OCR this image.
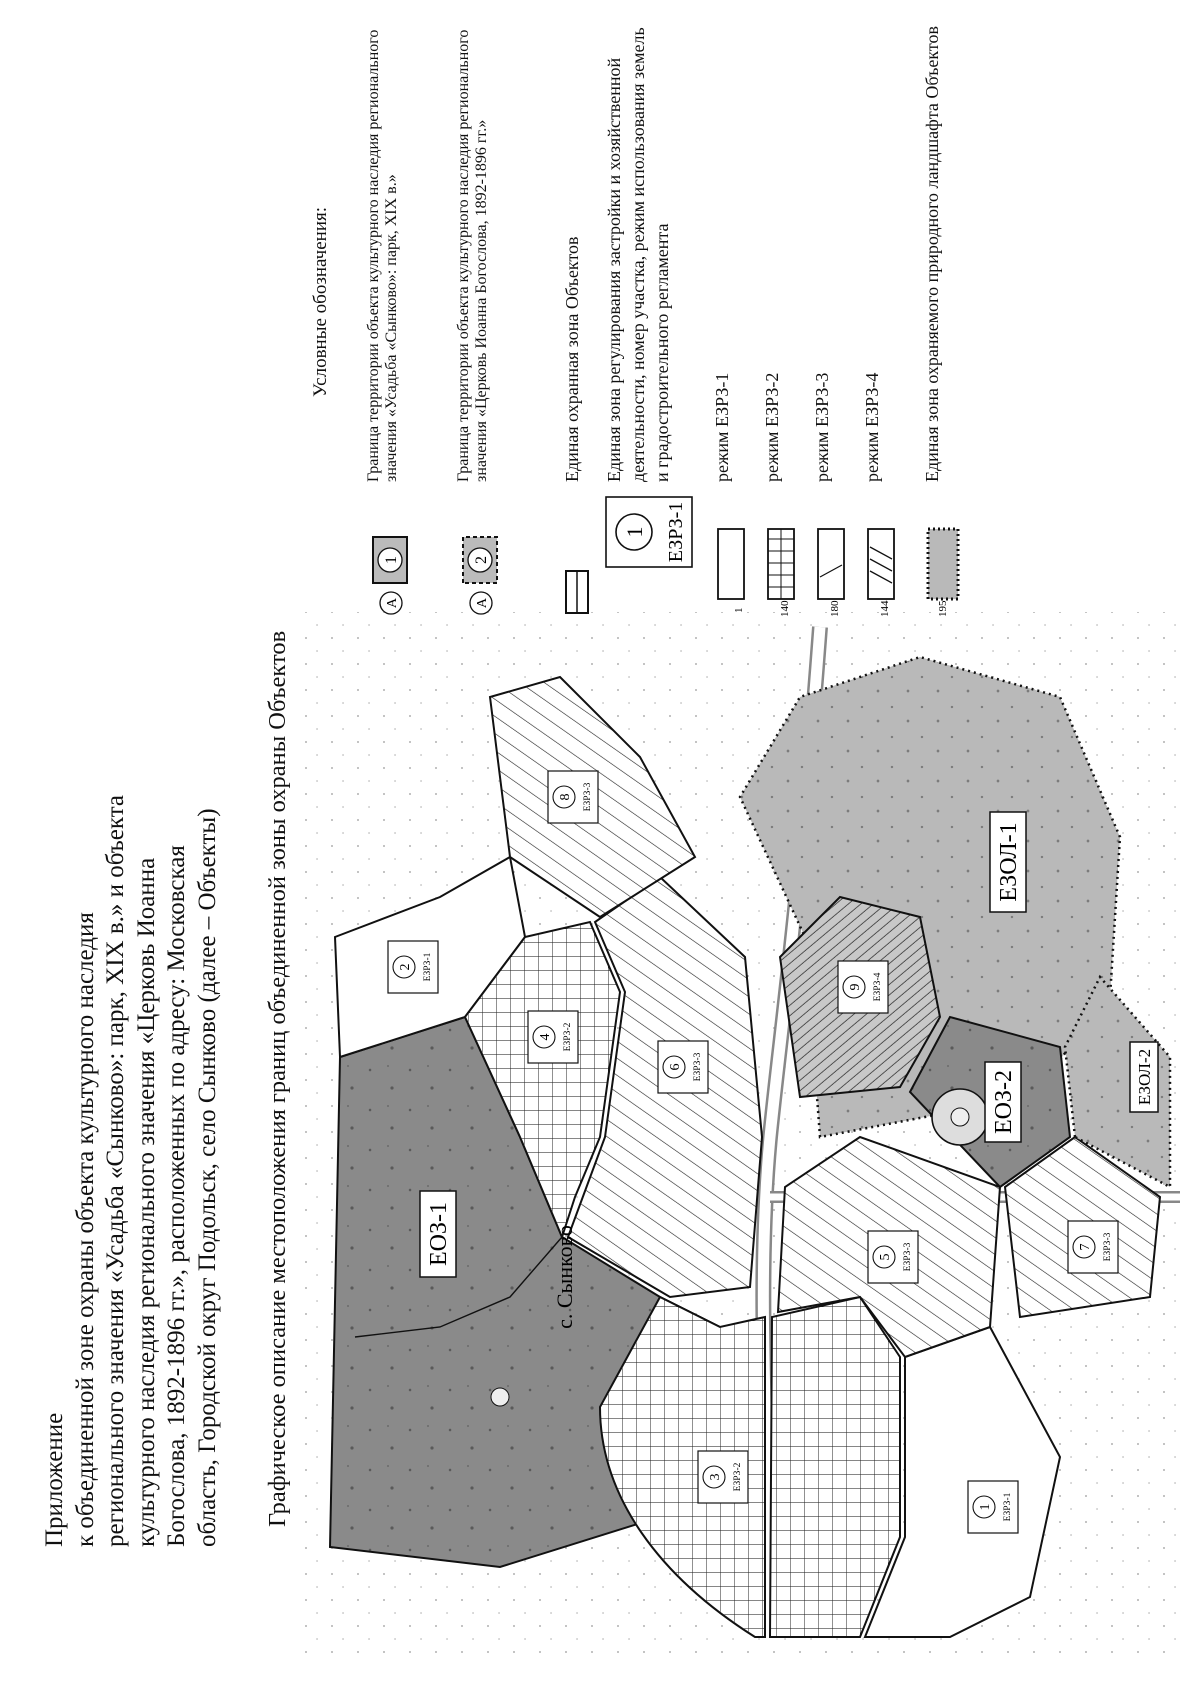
Приложение к объединенной зоне охраны объекта культурного наследия регионального значения «Усадьба «Сынково»: парк, XIX в.» и объекта культурного наследия регионального значения «Церковь Иоанна Богослова, 1892-1896 гг.», расположенных по адресу: Московская область, Городской округ Подольск, село Сынково (далее – Объекты) Графическое описание местоположения границ объединенной зоны охраны Объектов	ЕОЗ-1	с. Сынково
ЕОЗ-2
ЕЗОЛ-1
ЕЗОЛ-2
1 ЕЗРЗ-1
2 ЕЗРЗ-1
3 ЕЗРЗ-2
4 ЕЗРЗ-2
5 ЕЗРЗ-3
6 ЕЗРЗ-3
7 ЕЗРЗ-3
8 ЕЗРЗ-3
9 ЕЗРЗ-4
Условные обозначения:
A
1
Граница территории объекта культурного наследия регионального значения «Усадьба «Сынково»: парк, XIX в.»
A
2
Граница территории объекта культурного наследия регионального значения «Церковь Иоанна Богослова, 1892-1896 гг.»	Единая охранная зона Объектов
1 ЕЗРЗ-1
Единая зона регулирования застройки и хозяйственной деятельности, номер участка, режим использования земель и градостроительного регламента
1
режим ЕЗРЗ-1
140
режим ЕЗРЗ-2
180
режим ЕЗРЗ-3
144
режим ЕЗРЗ-4
195
Единая зона охраняемого природного ландшафта Объектов
